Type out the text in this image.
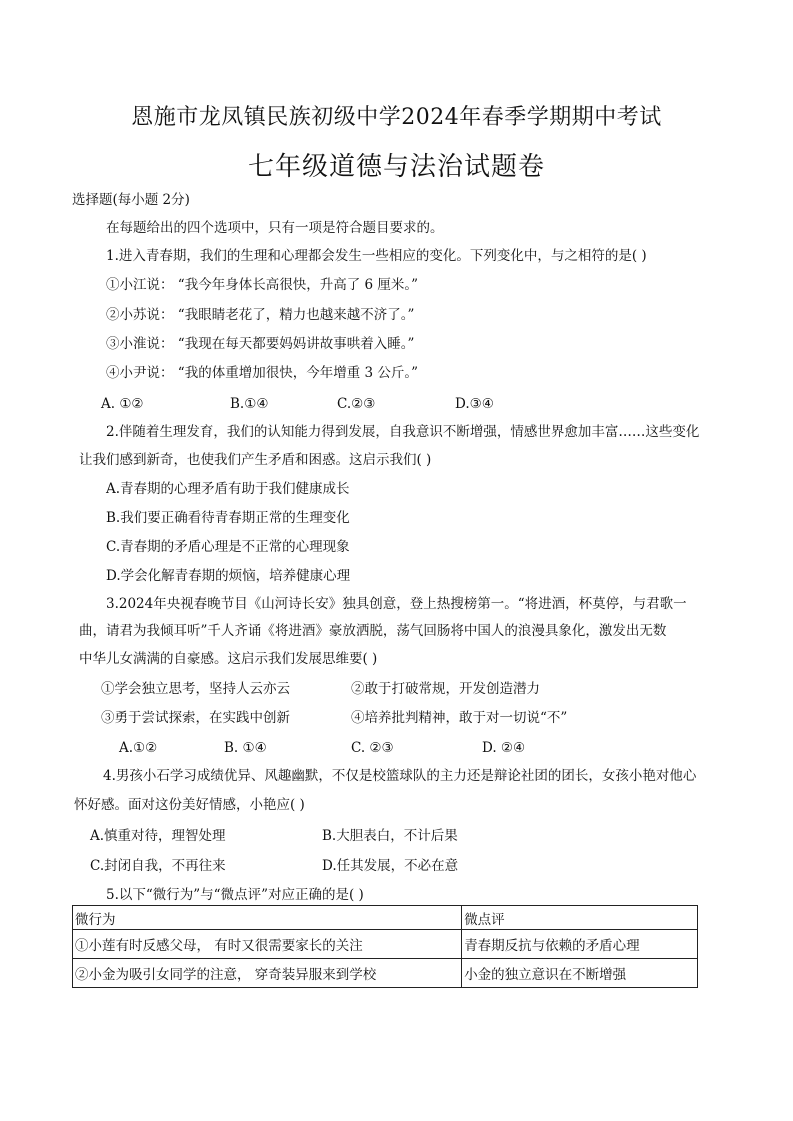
恩施市龙凤镇民族初级中学2024年春季学期期中考试
七年级道德与法治试题卷
选择题(每小题 2分)
在每题给出的四个选项中，只有一项是符合题目要求的。
1.进入青春期，我们的生理和心理都会发生一些相应的变化。下列变化中，与之相符的是( )
①小江说： “我今年身体长高很快，升高了 6 厘米。”
②小苏说： “我眼睛老花了，精力也越来越不济了。”
③小淮说： “我现在每天都要妈妈讲故事哄着入睡。”
④小尹说： “我的体重增加很快，今年增重 3 公斤。”
A. ①②	B.①④	C.②③	D.③④
2.伴随着生理发育，我们的认知能力得到发展，自我意识不断增强，情感世界愈加丰富……这些变化
让我们感到新奇，也使我们产生矛盾和困惑。这启示我们( )
A.青春期的心理矛盾有助于我们健康成长
B.我们要正确看待青春期正常的生理变化
C.青春期的矛盾心理是不正常的心理现象
D.学会化解青春期的烦恼，培养健康心理
3.2024年央视春晚节目《山河诗长安》独具创意，登上热搜榜第一。“将进酒，杯莫停，与君歌一
曲，请君为我倾耳听”千人齐诵《将进酒》豪放洒脱，荡气回肠将中国人的浪漫具象化，激发出无数
中华儿女满满的自豪感。这启示我们发展思维要( )
①学会独立思考，坚持人云亦云	②敢于打破常规，开发创造潜力
③勇于尝试探索，在实践中创新	④培养批判精神，敢于对一切说“不”
A.①②	B. ①④	C. ②③	D. ②④
4.男孩小石学习成绩优异、风趣幽默，不仅是校篮球队的主力还是辩论社团的团长，女孩小艳对他心
怀好感。面对这份美好情感，小艳应( )
A.慎重对待，理智处理	B.大胆表白，不计后果
C.封闭自我，不再往来	D.任其发展，不必在意
5.以下“微行为”与“微点评”对应正确的是( )
微行为	微点评
①小莲有时反感父母， 有时又很需要家长的关注	青春期反抗与依赖的矛盾心理
②小金为吸引女同学的注意， 穿奇装异服来到学校	小金的独立意识在不断增强
